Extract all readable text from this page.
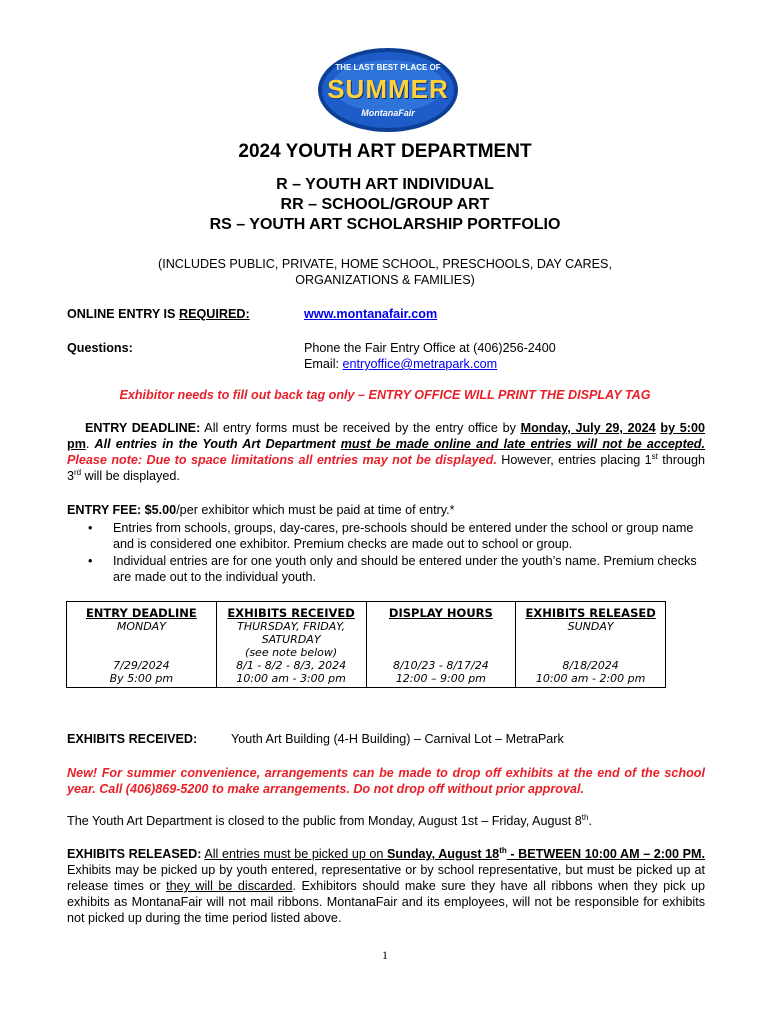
THE LAST BEST PLACE OF
SUMMER
MontanaFair
2024 YOUTH ART DEPARTMENT
R – YOUTH ART INDIVIDUAL
RR – SCHOOL/GROUP ART
RS – YOUTH ART SCHOLARSHIP PORTFOLIO
(INCLUDES PUBLIC, PRIVATE, HOME SCHOOL, PRESCHOOLS, DAY CARES,
ORGANIZATIONS & FAMILIES)
ONLINE ENTRY IS REQUIRED:	www.montanafair.com
Questions:	Phone the Fair Entry Office at (406)256-2400
Email: entryoffice@metrapark.com
Exhibitor needs to fill out back tag only – ENTRY OFFICE WILL PRINT THE DISPLAY TAG
ENTRY DEADLINE: All entry forms must be received by the entry office by Monday, July 29, 2024 by 5:00 pm. All entries in the Youth Art Department must be made online and late entries will not be accepted. Please note: Due to space limitations all entries may not be displayed. However, entries placing 1st through 3rd will be displayed.
ENTRY FEE: $5.00/per exhibitor which must be paid at time of entry.*
• Entries from schools, groups, day-cares, pre-schools should be entered under the school or group name and is considered one exhibitor. Premium checks are made out to school or group.
• Individual entries are for one youth only and should be entered under the youth’s name. Premium checks are made out to the individual youth.
ENTRY DEADLINE	EXHIBITS RECEIVED	DISPLAY HOURS	EXHIBITS RELEASED
MONDAY	THURSDAY, FRIDAY,		SUNDAY
	SATURDAY		
	(see note below)		
7/29/2024	8/1 - 8/2 - 8/3, 2024	8/10/23 - 8/17/24	8/18/2024
By 5:00 pm	10:00 am - 3:00 pm	12:00 – 9:00 pm	10:00 am - 2:00 pm
EXHIBITS RECEIVED:	Youth Art Building (4-H Building) – Carnival Lot – MetraPark
New! For summer convenience, arrangements can be made to drop off exhibits at the end of the school year. Call (406)869-5200 to make arrangements. Do not drop off without prior approval.
The Youth Art Department is closed to the public from Monday, August 1st – Friday, August 8th.
EXHIBITS RELEASED: All entries must be picked up on Sunday, August 18th - BETWEEN 10:00 AM – 2:00 PM. Exhibits may be picked up by youth entered, representative or by school representative, but must be picked up at release times or they will be discarded. Exhibitors should make sure they have all ribbons when they pick up exhibits as MontanaFair will not mail ribbons. MontanaFair and its employees, will not be responsible for exhibits not picked up during the time period listed above.
1
